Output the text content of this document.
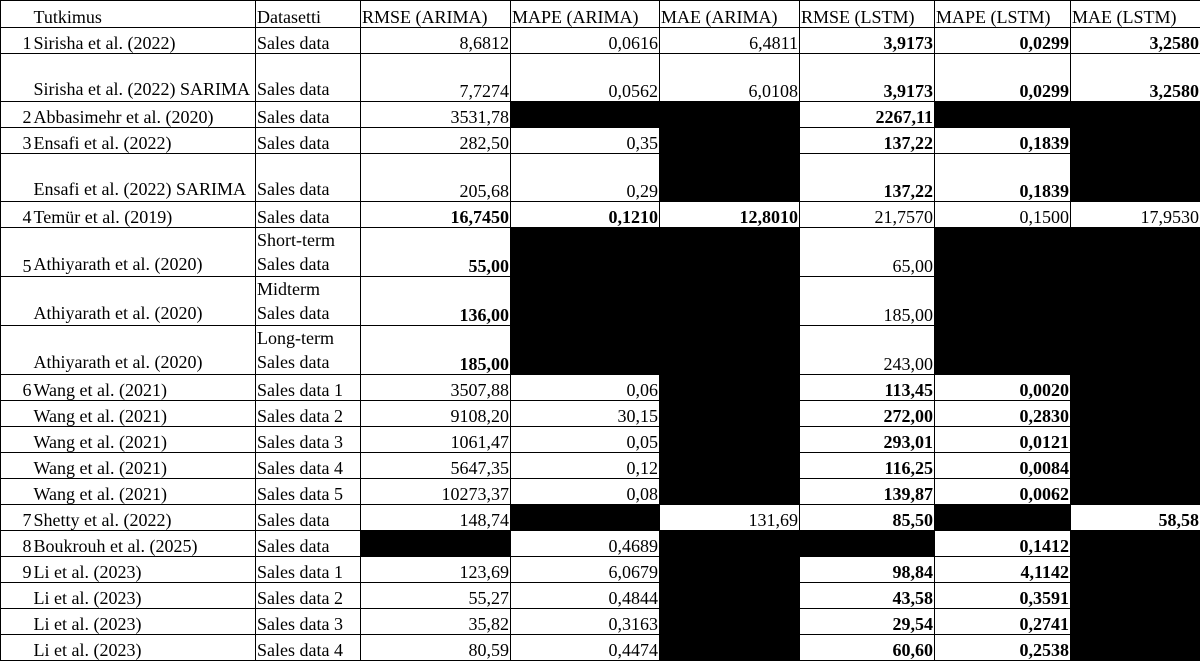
	Tutkimus	Datasetti	RMSE (ARIMA)	MAPE (ARIMA)	MAE (ARIMA)	RMSE (LSTM)	MAPE (LSTM)	MAE (LSTM)
1	Sirisha et al. (2022)	Sales data	8,6812	0,0616	6,4811	3,9173	0,0299	3,2580
	Sirisha et al. (2022) SARIMA	Sales data	7,7274	0,0562	6,0108	3,9173	0,0299	3,2580
2	Abbasimehr et al. (2020)	Sales data	3531,78			2267,11		
3	Ensafi et al. (2022)	Sales data	282,50	0,35		137,22	0,1839	
	Ensafi et al. (2022) SARIMA	Sales data	205,68	0,29		137,22	0,1839	
4	Temür et al. (2019)	Sales data	16,7450	0,1210	12,8010	21,7570	0,1500	17,9530
5	Athiyarath et al. (2020)	Short-term Sales data	55,00			65,00		
	Athiyarath et al. (2020)	Midterm Sales data	136,00			185,00		
	Athiyarath et al. (2020)	Long-term Sales data	185,00			243,00		
6	Wang et al. (2021)	Sales data 1	3507,88	0,06		113,45	0,0020	
	Wang et al. (2021)	Sales data 2	9108,20	30,15		272,00	0,2830	
	Wang et al. (2021)	Sales data 3	1061,47	0,05		293,01	0,0121	
	Wang et al. (2021)	Sales data 4	5647,35	0,12		116,25	0,0084	
	Wang et al. (2021)	Sales data 5	10273,37	0,08		139,87	0,0062	
7	Shetty et al. (2022)	Sales data	148,74		131,69	85,50		58,58
8	Boukrouh et al. (2025)	Sales data		0,4689			0,1412	
9	Li et al. (2023)	Sales data 1	123,69	6,0679		98,84	4,1142	
	Li et al. (2023)	Sales data 2	55,27	0,4844		43,58	0,3591	
	Li et al. (2023)	Sales data 3	35,82	0,3163		29,54	0,2741	
	Li et al. (2023)	Sales data 4	80,59	0,4474		60,60	0,2538	
